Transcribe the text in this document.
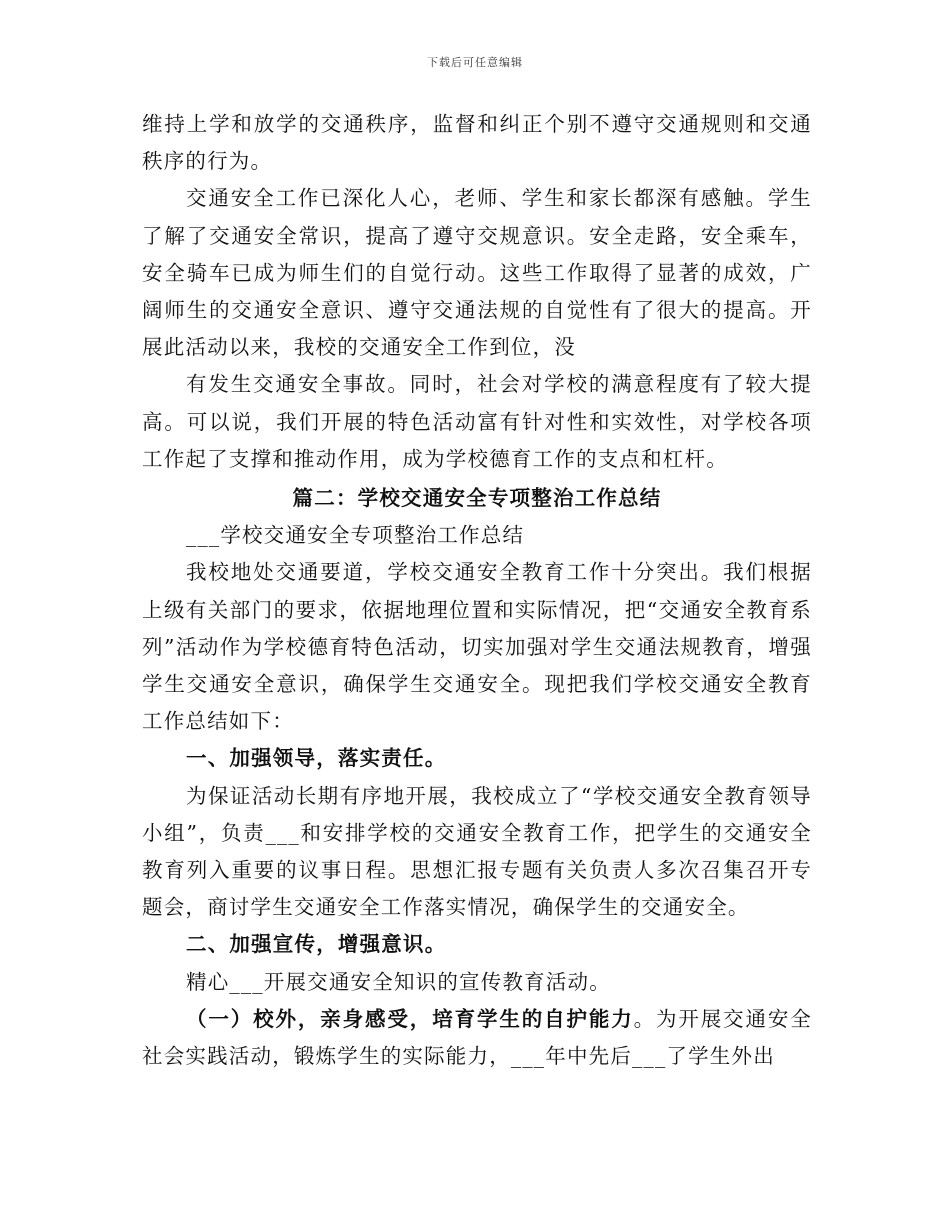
下载后可任意编辑

维持上学和放学的交通秩序，监督和纠正个别不遵守交通规则和交通秩序的行为。

交通安全工作已深化人心，老师、学生和家长都深有感触。学生了解了交通安全常识，提高了遵守交规意识。安全走路，安全乘车，安全骑车已成为师生们的自觉行动。这些工作取得了显著的成效，广阔师生的交通安全意识、遵守交通法规的自觉性有了很大的提高。开展此活动以来，我校的交通安全工作到位，没

有发生交通安全事故。同时，社会对学校的满意程度有了较大提高。可以说，我们开展的特色活动富有针对性和实效性，对学校各项工作起了支撑和推动作用，成为学校德育工作的支点和杠杆。

篇二：学校交通安全专项整治工作总结

___学校交通安全专项整治工作总结

我校地处交通要道，学校交通安全教育工作十分突出。我们根据上级有关部门的要求，依据地理位置和实际情况，把“交通安全教育系列”活动作为学校德育特色活动，切实加强对学生交通法规教育，增强学生交通安全意识，确保学生交通安全。现把我们学校交通安全教育工作总结如下：

一、加强领导，落实责任。

为保证活动长期有序地开展，我校成立了“学校交通安全教育领导小组”，负责___和安排学校的交通安全教育工作，把学生的交通安全教育列入重要的议事日程。思想汇报专题有关负责人多次召集召开专题会，商讨学生交通安全工作落实情况，确保学生的交通安全。

二、加强宣传，增强意识。

精心___开展交通安全知识的宣传教育活动。

（一）校外，亲身感受，培育学生的自护能力。为开展交通安全社会实践活动，锻炼学生的实际能力，___年中先后___了学生外出
